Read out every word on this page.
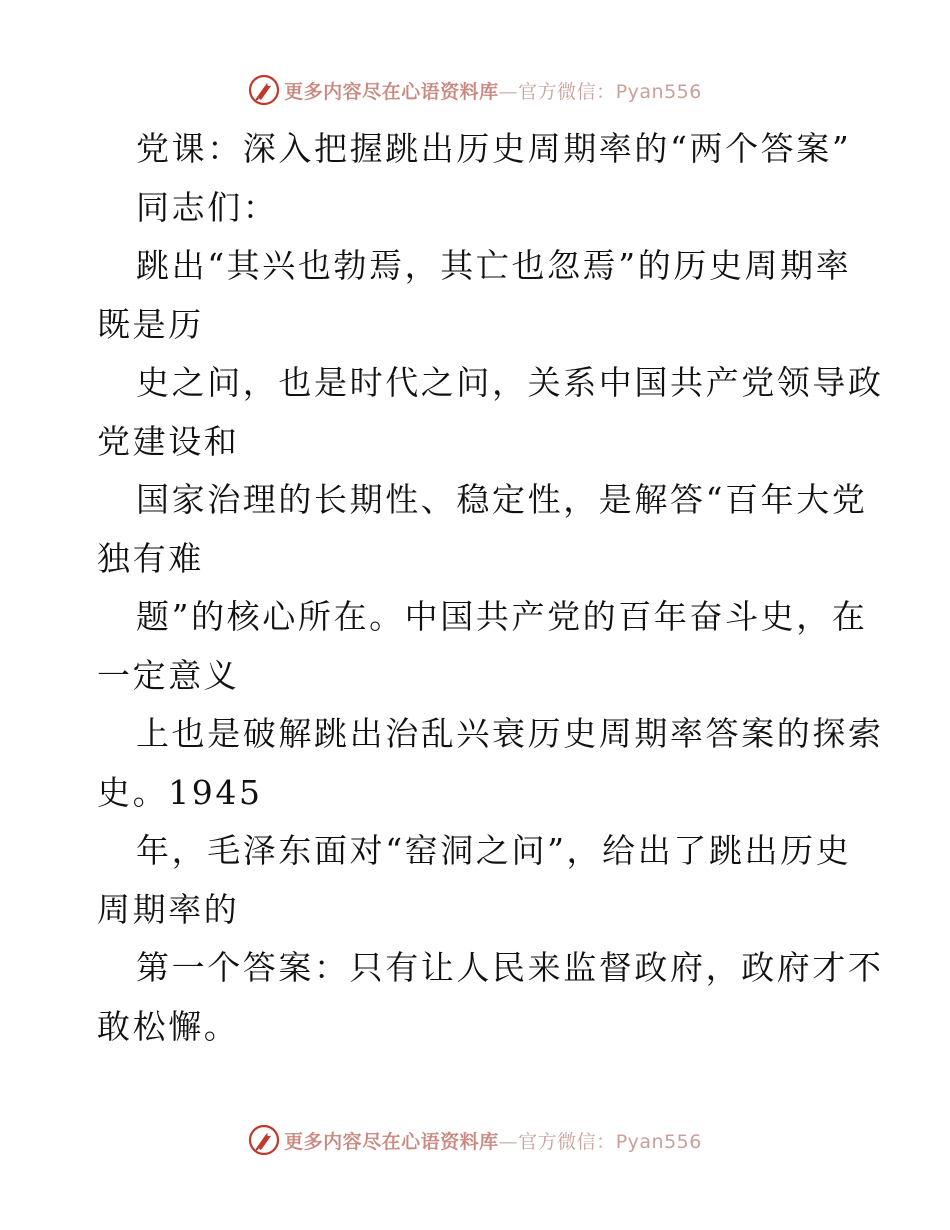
更多内容尽在心语资料库—官方微信：Pyan556
党课：深入把握跳出历史周期率的“两个答案”
同志们：
跳出“其兴也勃焉，其亡也忽焉”的历史周期率
既是历
史之问，也是时代之问，关系中国共产党领导政
党建设和
国家治理的长期性、稳定性，是解答“百年大党
独有难
题”的核心所在。中国共产党的百年奋斗史，在
一定意义
上也是破解跳出治乱兴衰历史周期率答案的探索
史。1945
年，毛泽东面对“窑洞之问”，给出了跳出历史
周期率的
第一个答案：只有让人民来监督政府，政府才不
敢松懈。
更多内容尽在心语资料库—官方微信：Pyan556
